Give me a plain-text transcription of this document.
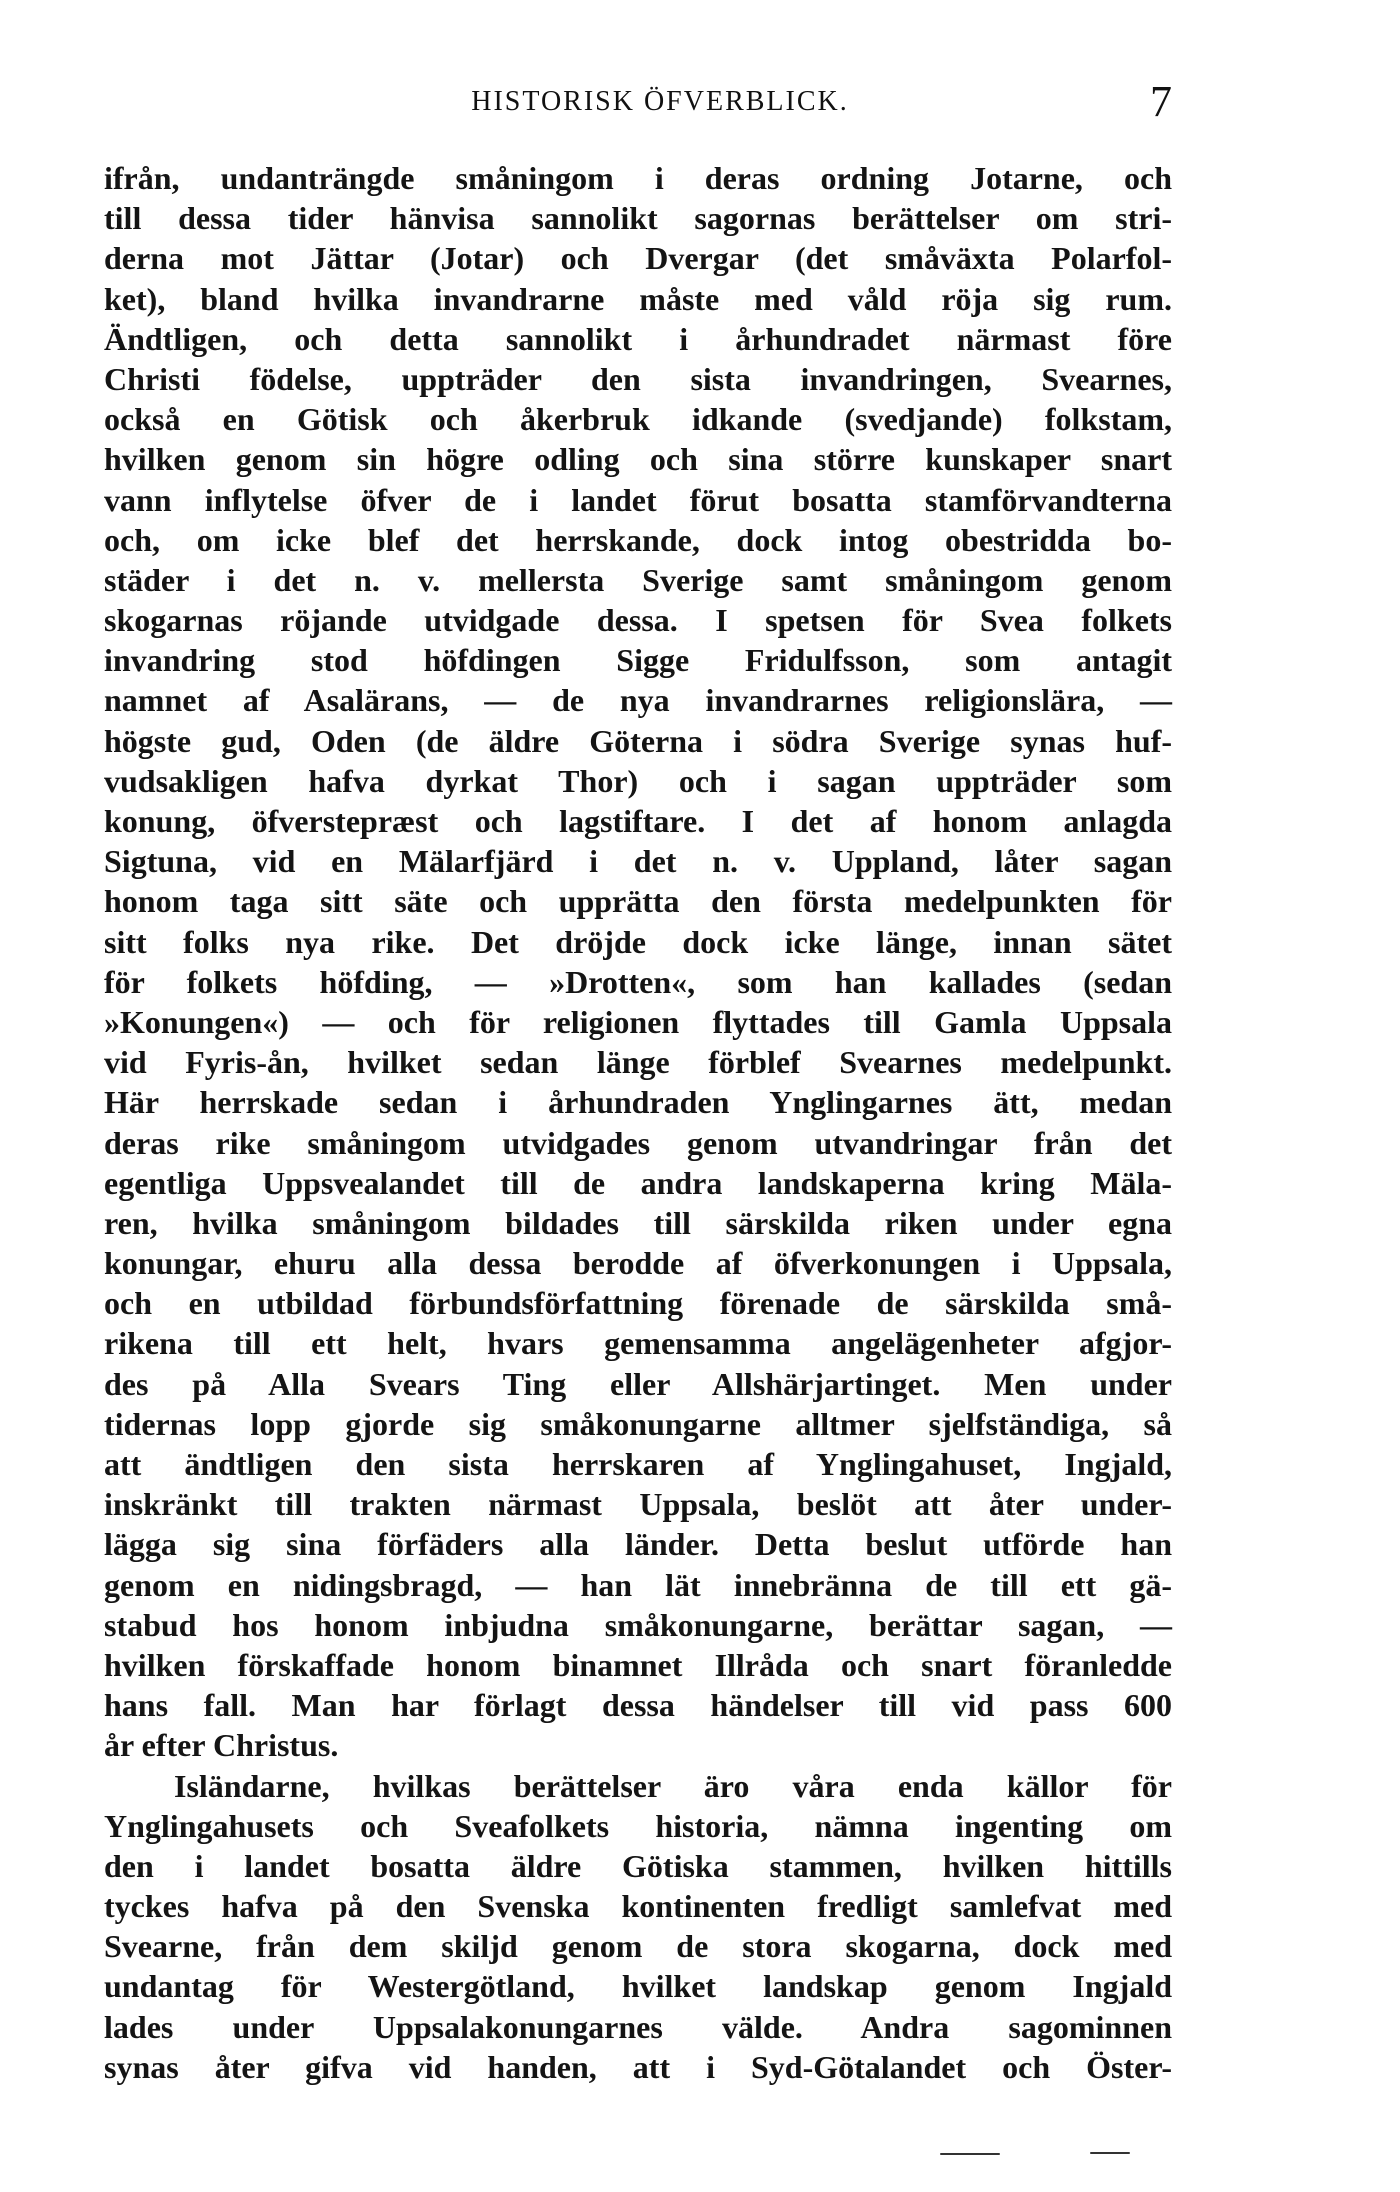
HISTORISK ÖFVERBLICK.	7
ifrån, undanträngde småningom i deras ordning Jotarne, och
till dessa tider hänvisa sannolikt sagornas berättelser om stri-
derna mot Jättar (Jotar) och Dvergar (det småväxta Polarfol-
ket), bland hvilka invandrarne måste med våld röja sig rum.
Ändtligen, och detta sannolikt i århundradet närmast före
Christi födelse, uppträder den sista invandringen, Svearnes,
också en Götisk och åkerbruk idkande (svedjande) folkstam,
hvilken genom sin högre odling och sina större kunskaper snart
vann inflytelse öfver de i landet förut bosatta stamförvandterna
och, om icke blef det herrskande, dock intog obestridda bo-
städer i det n. v. mellersta Sverige samt småningom genom
skogarnas röjande utvidgade dessa. I spetsen för Svea folkets
invandring stod höfdingen Sigge Fridulfsson, som antagit
namnet af Asalärans, — de nya invandrarnes religionslära, —
högste gud, Oden (de äldre Göterna i södra Sverige synas huf-
vudsakligen hafva dyrkat Thor) och i sagan uppträder som
konung, öfverstepræst och lagstiftare. I det af honom anlagda
Sigtuna, vid en Mälarfjärd i det n. v. Uppland, låter sagan
honom taga sitt säte och upprätta den första medelpunkten för
sitt folks nya rike. Det dröjde dock icke länge, innan sätet
för folkets höfding, — »Drotten«, som han kallades (sedan
»Konungen«) — och för religionen flyttades till Gamla Uppsala
vid Fyris-ån, hvilket sedan länge förblef Svearnes medelpunkt.
Här herrskade sedan i århundraden Ynglingarnes ätt, medan
deras rike småningom utvidgades genom utvandringar från det
egentliga Uppsvealandet till de andra landskaperna kring Mäla-
ren, hvilka småningom bildades till särskilda riken under egna
konungar, ehuru alla dessa berodde af öfverkonungen i Uppsala,
och en utbildad förbundsförfattning förenade de särskilda små-
rikena till ett helt, hvars gemensamma angelägenheter afgjor-
des på Alla Svears Ting eller Allshärjartinget. Men under
tidernas lopp gjorde sig småkonungarne alltmer sjelfständiga, så
att ändtligen den sista herrskaren af Ynglingahuset, Ingjald,
inskränkt till trakten närmast Uppsala, beslöt att åter under-
lägga sig sina förfäders alla länder. Detta beslut utförde han
genom en nidingsbragd, — han lät innebränna de till ett gä-
stabud hos honom inbjudna småkonungarne, berättar sagan, —
hvilken förskaffade honom binamnet Illråda och snart föranledde
hans fall. Man har förlagt dessa händelser till vid pass 600
år efter Christus.
Isländarne, hvilkas berättelser äro våra enda källor för
Ynglingahusets och Sveafolkets historia, nämna ingenting om
den i landet bosatta äldre Götiska stammen, hvilken hittills
tyckes hafva på den Svenska kontinenten fredligt samlefvat med
Svearne, från dem skiljd genom de stora skogarna, dock med
undantag för Westergötland, hvilket landskap genom Ingjald
lades under Uppsalakonungarnes välde. Andra sagominnen
synas åter gifva vid handen, att i Syd-Götalandet och Öster-
